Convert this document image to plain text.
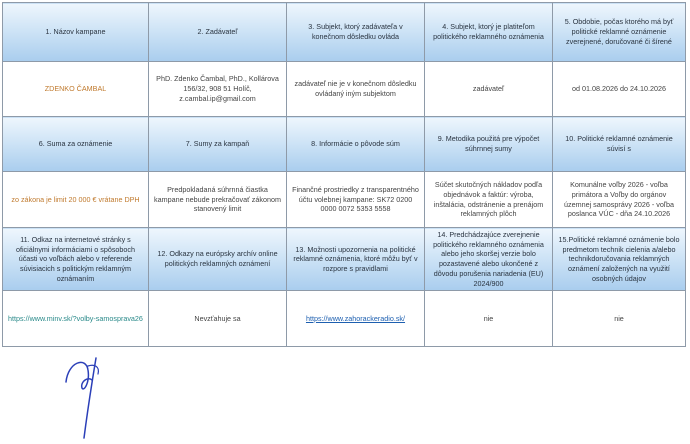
1. Názov kampane	2. Zadávateľ	3. Subjekt, ktorý zadávateľa v konečnom dôsledku ovláda	4. Subjekt, ktorý je platiteľom politického reklamného oznámenia	5. Obdobie, počas ktorého má byť politické reklamné oznámenie zverejnené, doručované či šírené
ZDENKO ČAMBAL	PhD. Zdenko Čambal, PhD., Kollárova 156/32, 908 51 Holíč, z.cambal.ip@gmail.com	zadávateľ nie je v konečnom dôsledku ovládaný iným subjektom	zadávateľ	od 01.08.2026 do 24.10.2026
6. Suma za oznámenie	7. Sumy za kampaň	8. Informácie o pôvode súm	9. Metodika použitá pre výpočet súhrnnej sumy	10. Politické reklamné oznámenie súvisí s
zo zákona je limit 20 000 € vrátane DPH	Predpokladaná súhrnná čiastka kampane nebude prekračovať zákonom stanovený limit	Finančné prostriedky z transparentného účtu volebnej kampane: SK72 0200 0000 0072 5353 5558	Súčet skutočných nákladov podľa objednávok a faktúr: výroba, inštalácia, odstránenie a prenájom reklamných plôch	Komunálne voľby 2026 - voľba primátora a Voľby do orgánov územnej samosprávy 2026 - voľba poslanca VÚC - dňa 24.10.2026
11. Odkaz na internetové stránky s oficiálnymi informáciami o spôsoboch účasti vo voľbách alebo v referende súvisiacich s politickým reklamným oznámaním	12. Odkazy na európsky archív online politických reklamných oznámení	13. Možnosti upozornenia na politické reklamné oznámenia, ktoré môžu byť v rozpore s pravidlami	14. Predchádzajúce zverejnenie politického reklamného oznámenia alebo jeho skoršej verzie bolo pozastavené alebo ukončené z dôvodu porušenia nariadenia (EU) 2024/900	15.Politické reklamné oznámenie bolo predmetom technik cielenia a/alebo technikdoručovania reklamných oznámení založených na využití osobných údajov
https://www.minv.sk/?volby-samosprava26	Nevzťahuje sa	https://www.zahorackeradio.sk/	nie	nie
